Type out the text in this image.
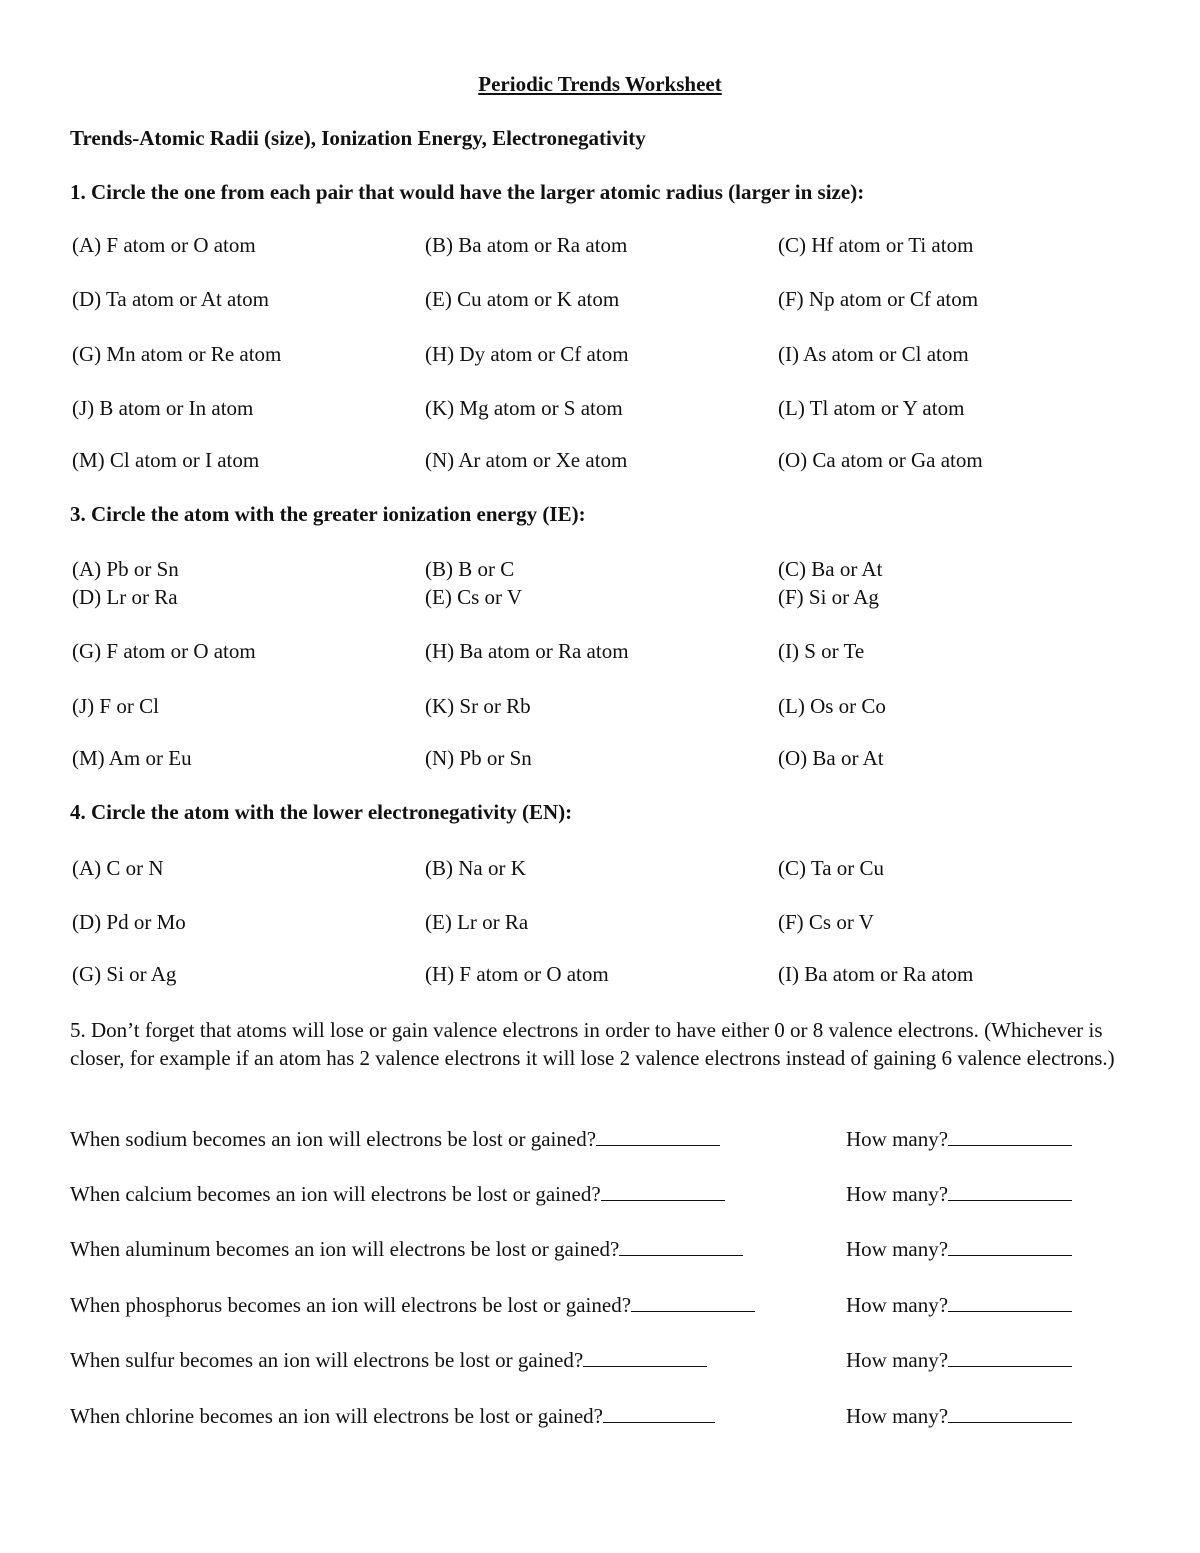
Periodic Trends Worksheet
Trends-Atomic Radii (size), Ionization Energy, Electronegativity
1. Circle the one from each pair that would have the larger atomic radius (larger in size):
(A) F atom or O atom	(B) Ba atom or Ra atom	(C) Hf atom or Ti atom
(D) Ta atom or At atom	(E) Cu atom or K atom	(F) Np atom or Cf atom
(G) Mn atom or Re atom	(H) Dy atom or Cf atom	(I) As atom or Cl atom
(J) B atom or In atom	(K) Mg atom or S atom	(L) Tl atom or Y atom
(M) Cl atom or I atom	(N) Ar atom or Xe atom	(O) Ca atom or Ga atom
3. Circle the atom with the greater ionization energy (IE):
(A) Pb or Sn	(B) B or C	(C) Ba or At
(D) Lr or Ra	(E) Cs or V	(F) Si or Ag
(G) F atom or O atom	(H) Ba atom or Ra atom	(I) S or Te
(J) F or Cl	(K) Sr or Rb	(L) Os or Co
(M) Am or Eu	(N) Pb or Sn	(O) Ba or At
4. Circle the atom with the lower electronegativity (EN):
(A) C or N	(B) Na or K	(C) Ta or Cu
(D) Pd or Mo	(E) Lr or Ra	(F) Cs or V
(G) Si or Ag	(H) F atom or O atom	(I) Ba atom or Ra atom
5. Don’t forget that atoms will lose or gain valence electrons in order to have either 0 or 8 valence electrons. (Whichever is closer, for example if an atom has 2 valence electrons it will lose 2 valence electrons instead of gaining 6 valence electrons.)
When sodium becomes an ion will electrons be lost or gained?	How many?
When calcium becomes an ion will electrons be lost or gained?	How many?
When aluminum becomes an ion will electrons be lost or gained?	How many?
When phosphorus becomes an ion will electrons be lost or gained?	How many?
When sulfur becomes an ion will electrons be lost or gained?	How many?
When chlorine becomes an ion will electrons be lost or gained?	How many?
